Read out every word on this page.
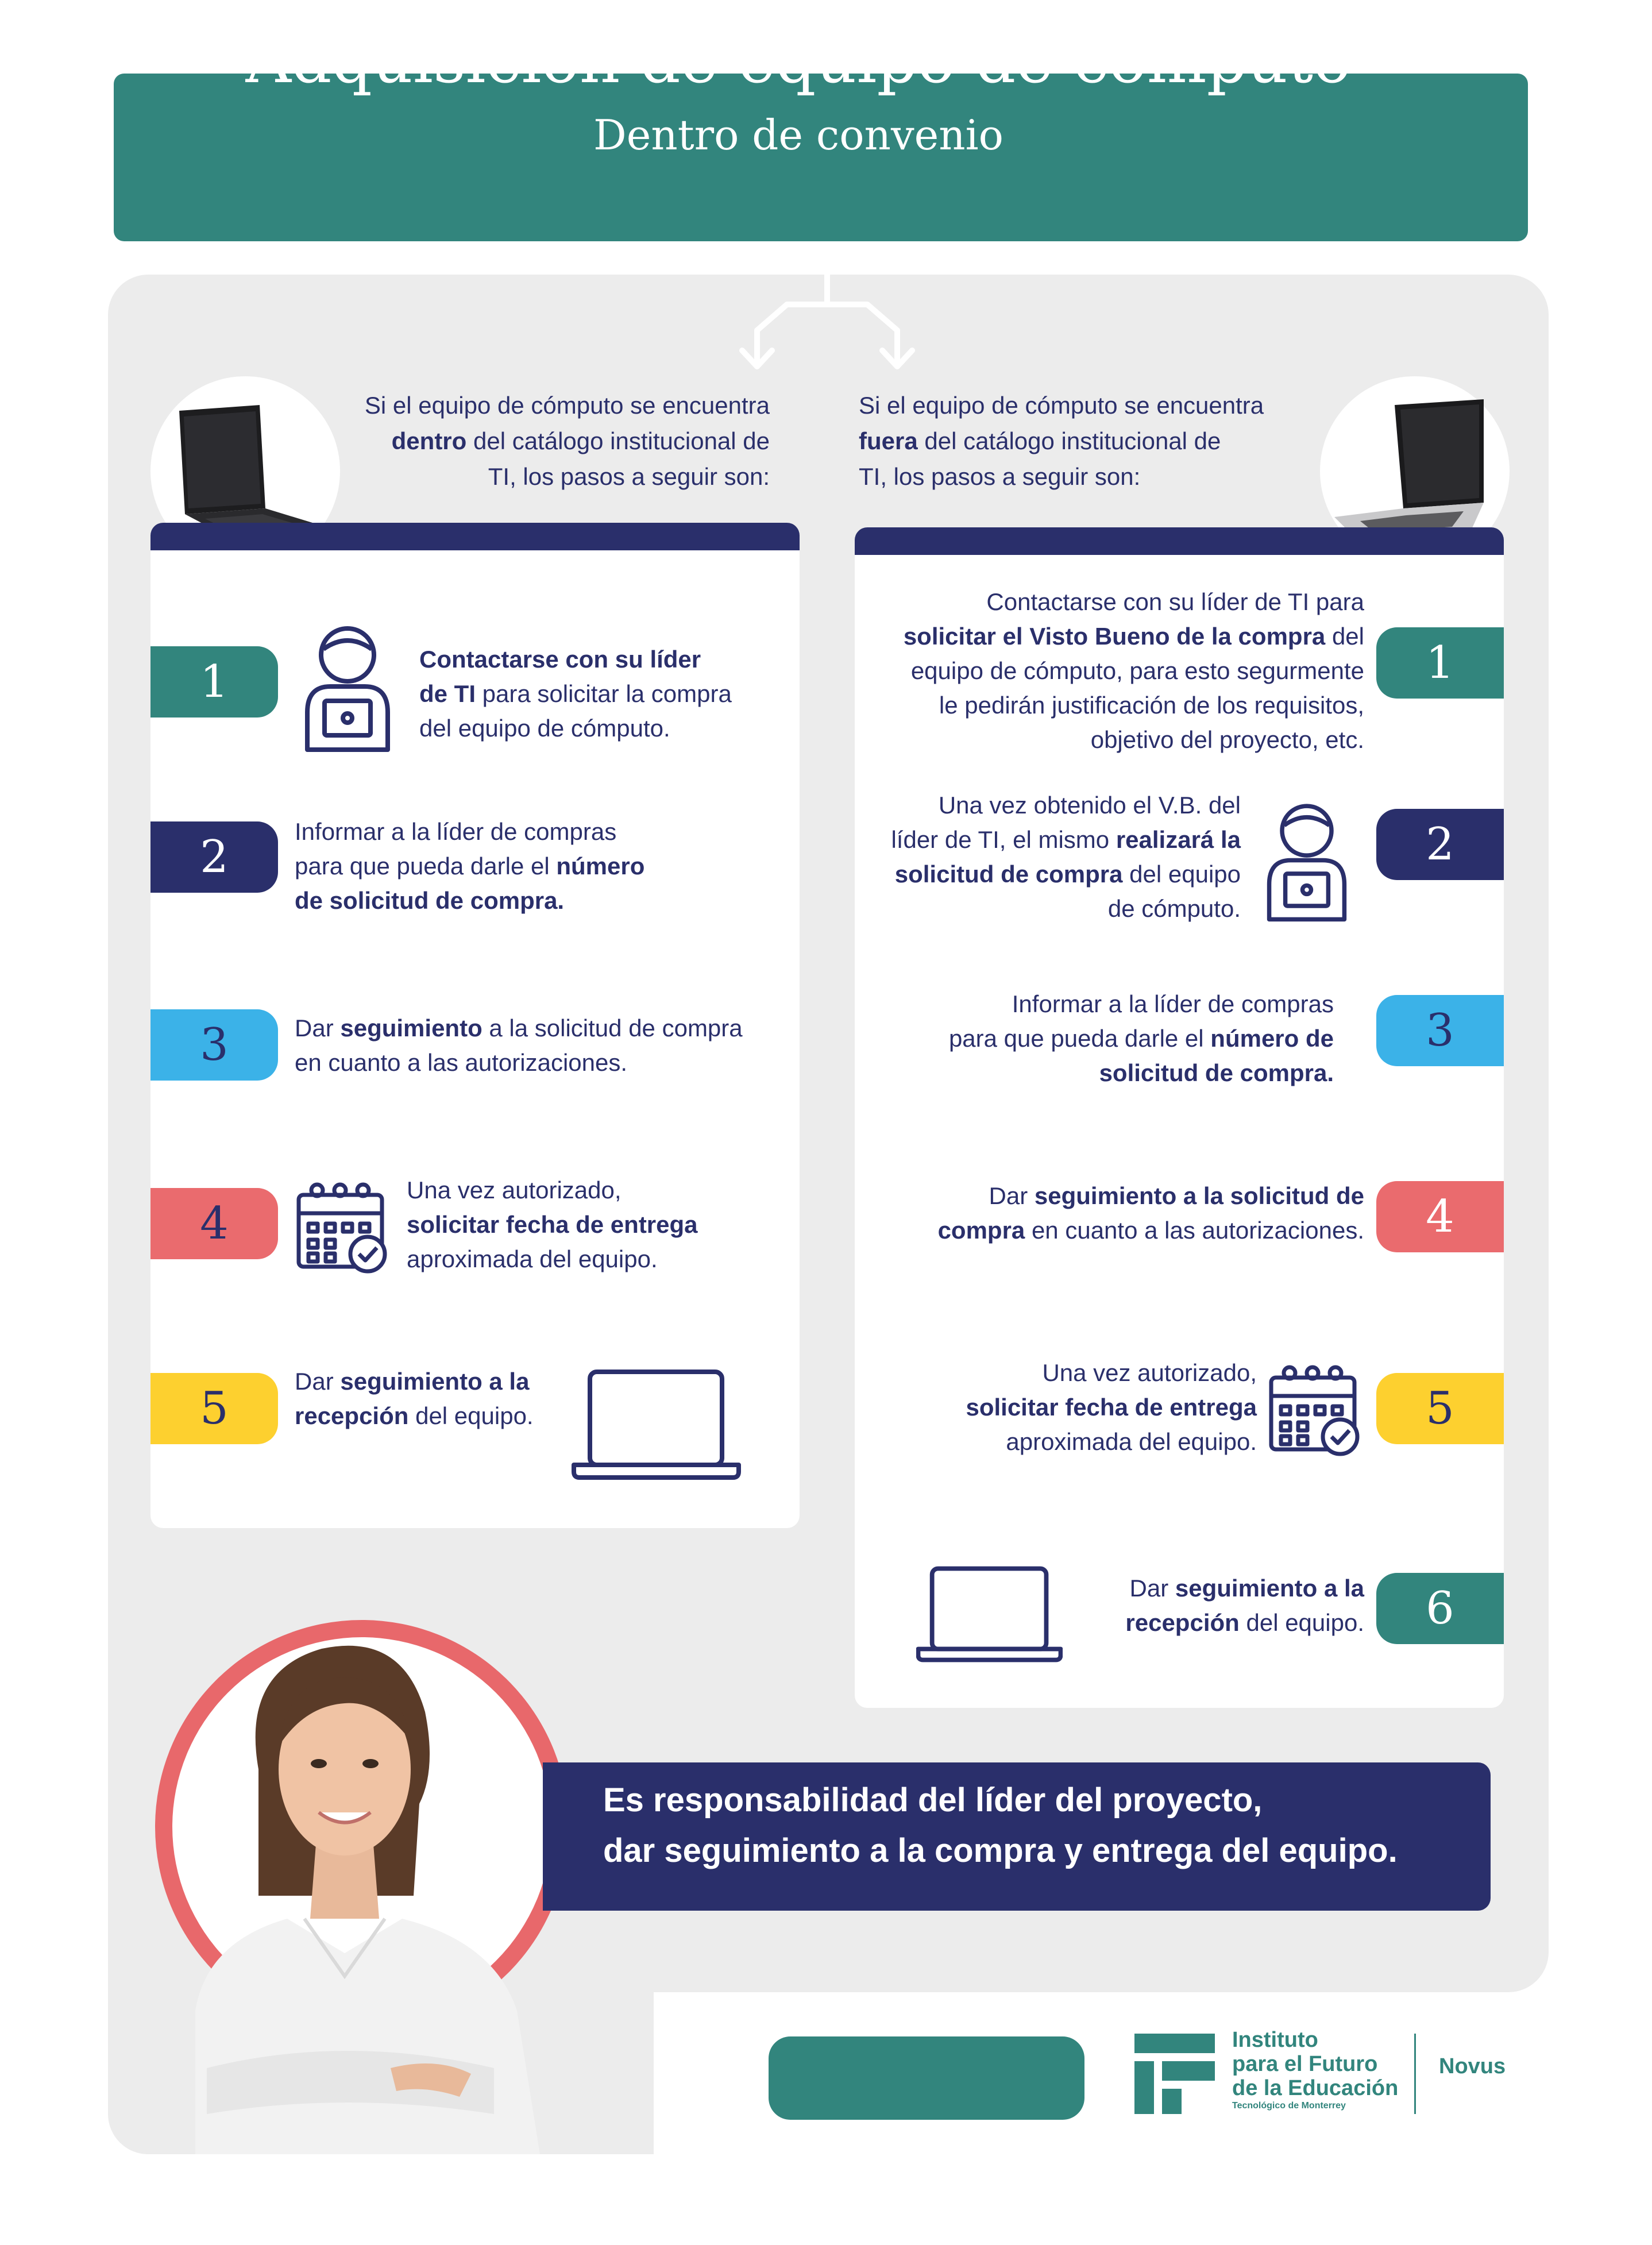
Adquisición de equipo de cómputo
Dentro de convenio
Si el equipo de cómputo se encuentra
dentro del catálogo institucional de
TI, los pasos a seguir son:
Si el equipo de cómputo se encuentra
fuera del catálogo institucional de
TI, los pasos a seguir son:
1	Contactarse con su líder
de TI para solicitar la compra
del equipo de cómputo.
2	Informar a la líder de compras
para que pueda darle el número
de solicitud de compra.
3	Dar seguimiento a la solicitud de compra
en cuanto a las autorizaciones.
4
Una vez autorizado,
solicitar fecha de entrega
aproximada del equipo.
5
Dar seguimiento a la
recepción del equipo.
1
Contactarse con su líder de TI para
solicitar el Visto Bueno de la compra del
equipo de cómputo, para esto segurmente
le pedirán justificación de los requisitos,
objetivo del proyecto, etc.
2
Una vez obtenido el V.B. del
líder de TI, el mismo realizará la
solicitud de compra del equipo
de cómputo.
3
Informar a la líder de compras
para que pueda darle el número de
solicitud de compra.
4
Dar seguimiento a la solicitud de
compra en cuanto a las autorizaciones.
5
Una vez autorizado,
solicitar fecha de entrega
aproximada del equipo.
6
Dar seguimiento a la
recepción del equipo.
Es responsabilidad del líder del proyecto,
dar seguimiento a la compra y entrega del equipo.
Instituto
para el Futuro
de la Educación
Tecnológico de Monterrey
Novus
